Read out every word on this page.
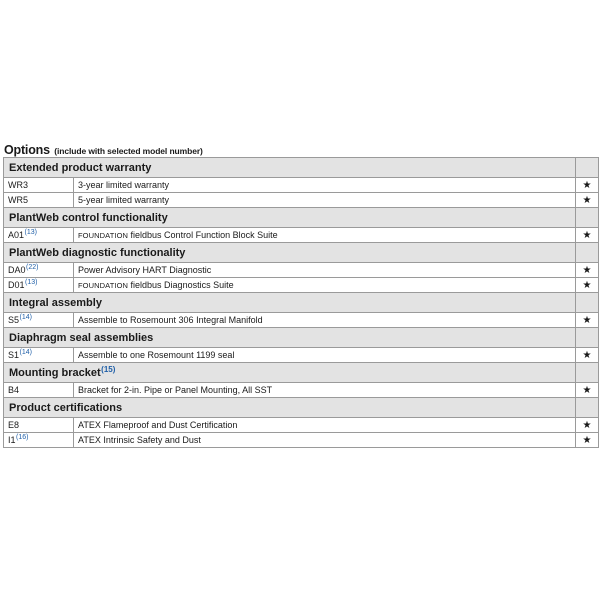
Options (include with selected model number)
Extended product warranty		
WR3	3-year limited warranty	★
WR5	5-year limited warranty	★
PlantWeb control functionality		
A01$^{(13)}$	FOUNDATION fieldbus Control Function Block Suite	★
PlantWeb diagnostic functionality		
DA0$^{(22)}$	Power Advisory HART Diagnostic	★
D01$^{(13)}$	FOUNDATION fieldbus Diagnostics Suite	★
Integral assembly		
S5$^{(14)}$	Assemble to Rosemount 306 Integral Manifold	★
Diaphragm seal assemblies		
S1$^{(14)}$	Assemble to one Rosemount 1199 seal	★
Mounting bracket$^{(15)}$	
B4	Bracket for 2-in. Pipe or Panel Mounting, All SST	★
Product certifications		
E8	ATEX Flameproof and Dust Certification	★
I1$^{(16)}$	ATEX Intrinsic Safety and Dust	★
